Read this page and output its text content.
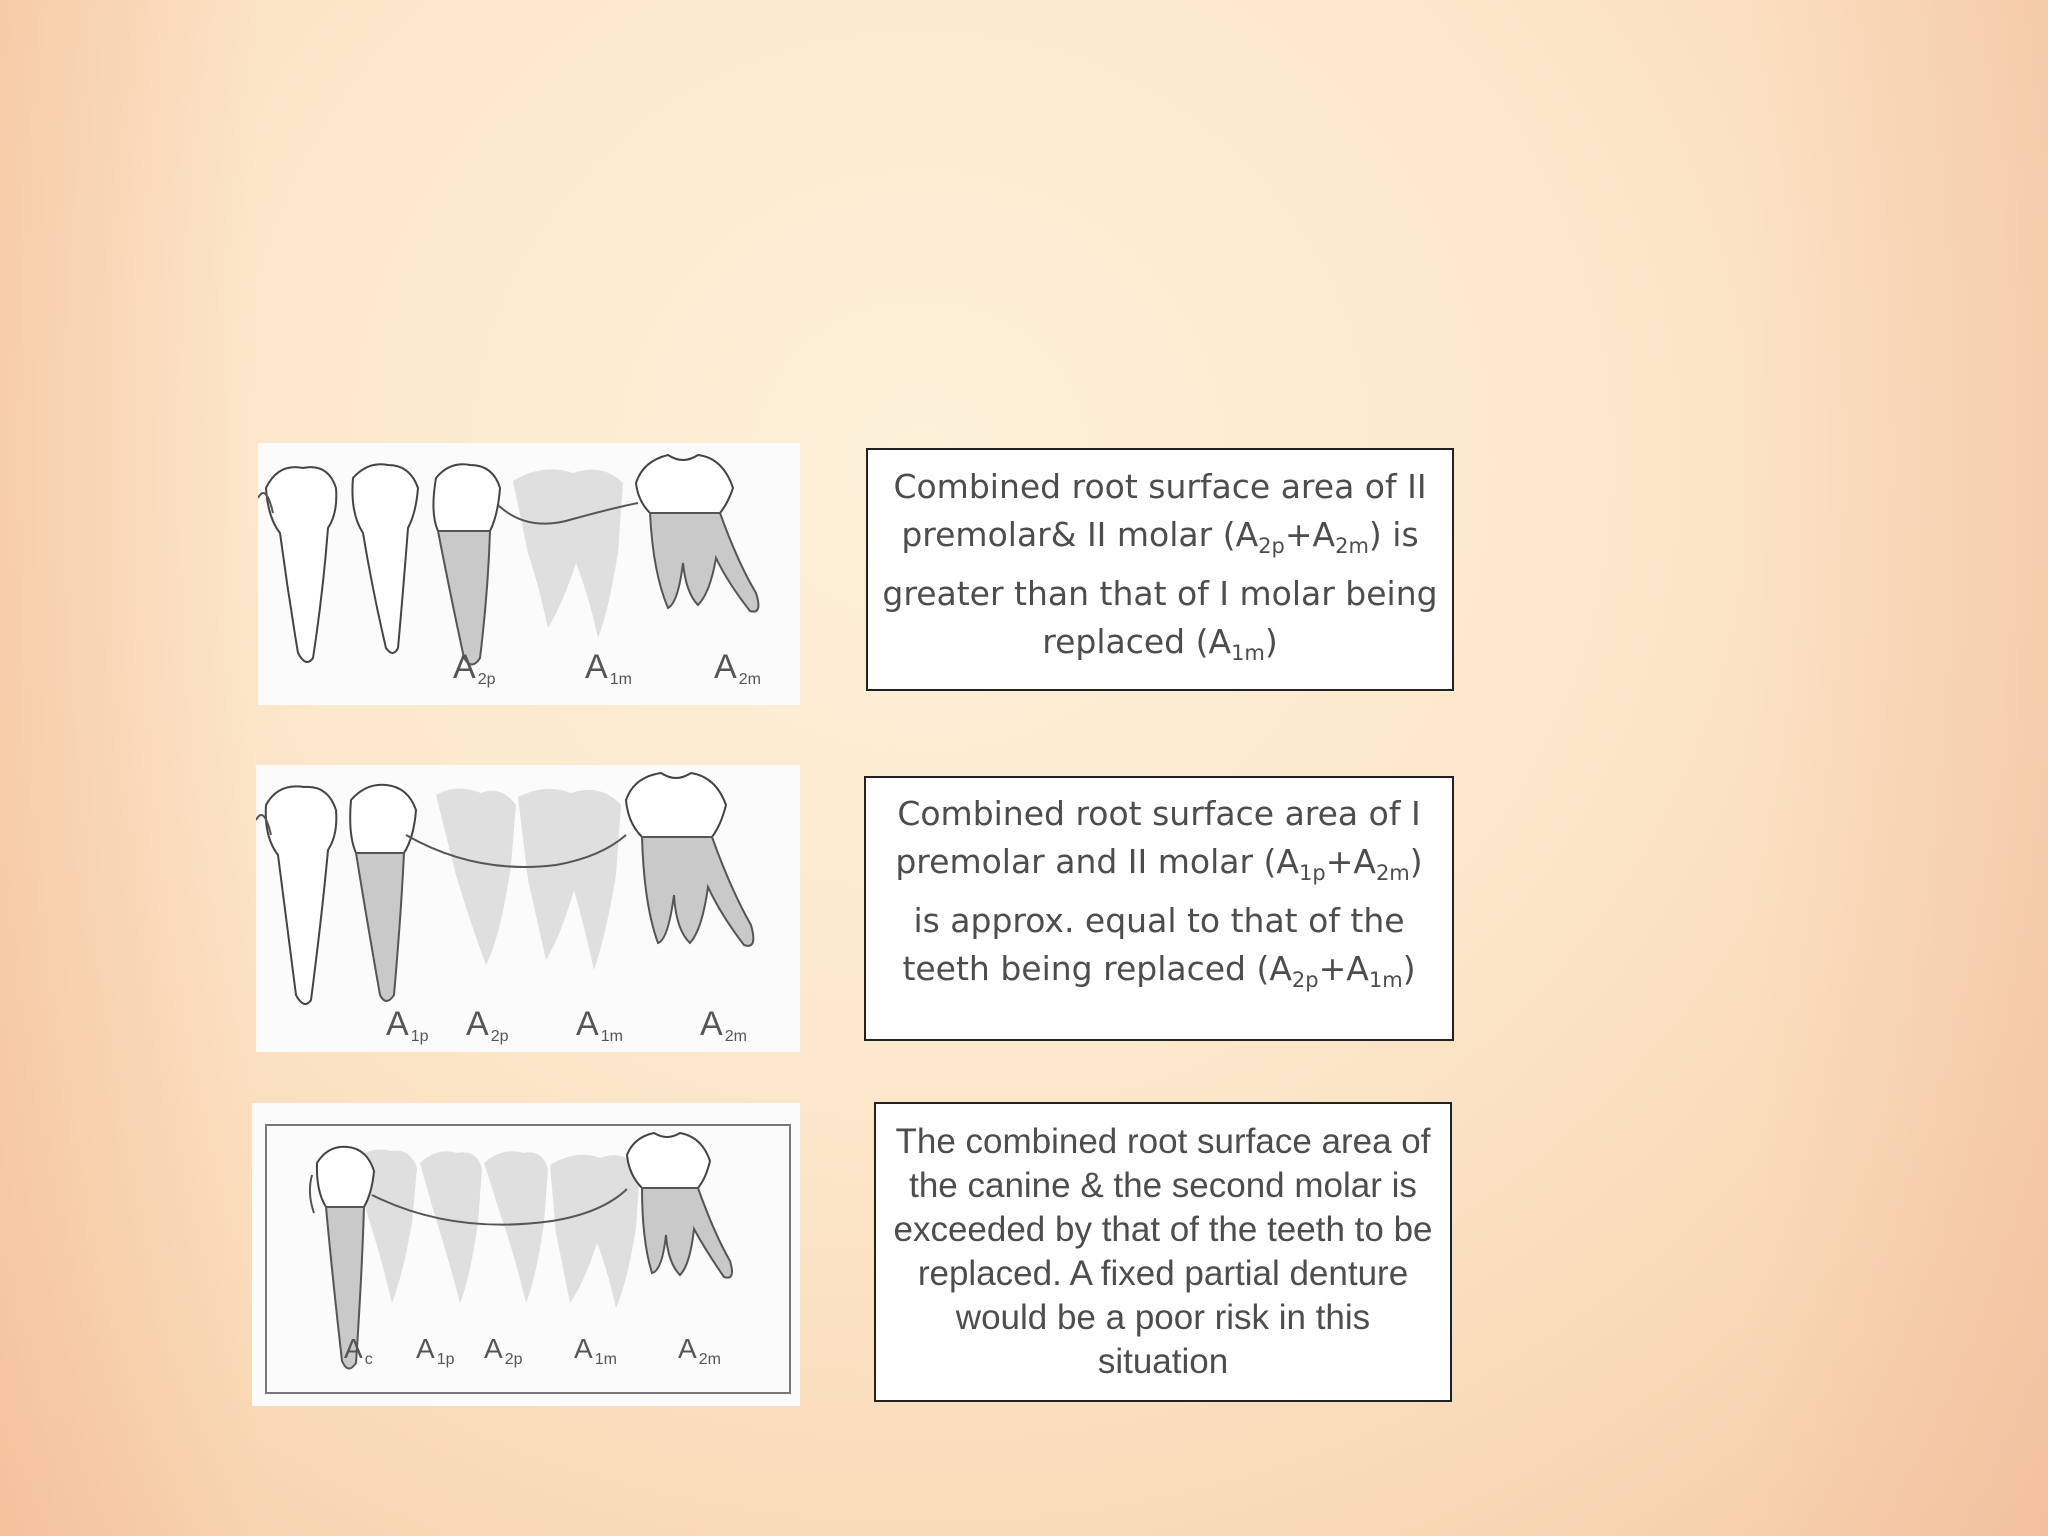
A $_{2p}$	A $_{1m}$ A $_{2m}$
Combined root surface area of II premolar& II molar $(A_{2p}+A_{2m})$ is greater than that of I molar being replaced $(A_{1m})$
A $_{1p}$ A $_{2p}$ A $_{1m}$ A $_{2m}$
Combined root surface area of I premolar and II molar $(A_{1p}+A_{2m})$ is approx. equal to that of the teeth being replaced $(A_{2p}+A_{1m})$
A $_c$ A $_{1p}$ A $_{2p}$ A $_{1m}$ A $_{2m}$
The combined root surface area of the canine & the second molar is exceeded by that of the teeth to be replaced. A fixed partial denture would be a poor risk in this situation
